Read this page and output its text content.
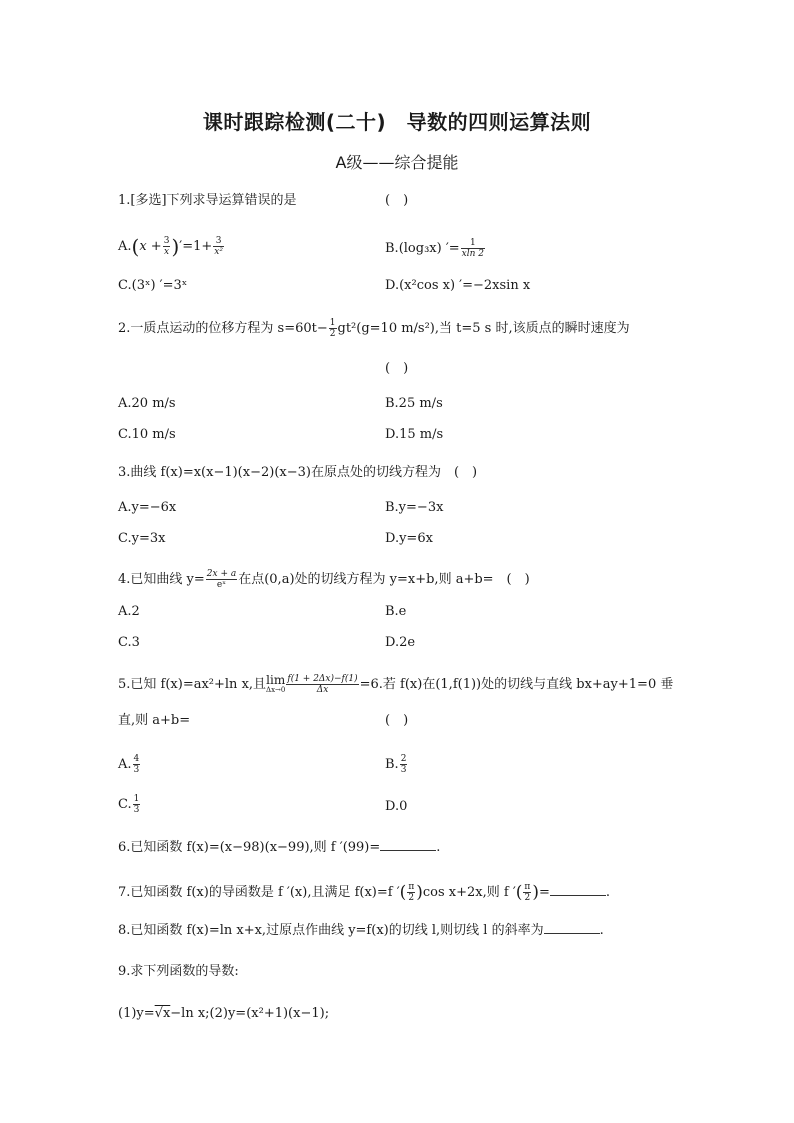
课时跟踪检测(二十)　导数的四则运算法则
A级——综合提能
1.[多选]下列求导运算错误的是	(　)
$A.(x + \frac{3}{x} )'=1+ \frac{3}{\text{x²}}$	B.(log₃x) ′= $\frac{1}{xln 2}$
C.(3ˣ) ′=3ˣ	D.(x²cos x) ′=−2xsin x
2.一质点运动的位移方程为 $s=60t- \frac{1}{2} gt^2(g=10$ m/s²),当 t=5 s 时,该质点的瞬时速度为
(　)
A.20 m/s	B.25 m/s
C.10 m/s	D.15 m/s
3.曲线 f(x)=x(x−1)(x−2)(x−3)在原点处的切线方程为　(　)
A.y=−6x	B.y=−3x
C.y=3x	D.y=6x
4.已知曲线 $y= \frac{2x + a}{\text{eˣ}}$ 在点(0,a)处的切线方程为 y=x+b,则 a+b=　(　)
A.2	B.e
C.3	D.2e
5.已知 f(x)=ax²+ln x,且 lim
$\Delta x\to 0 \frac{f(1 + 2\Delta x)-f(1)}{\Delta x} =6$.若 f(x)在(1,f(1))处的切线与直线 bx+ay+1=0 垂
直,则 a+b=	(　)
A. $\frac{4}{3}$	B. $\frac{2}{3}$
C. $\frac{1}{3}$	D.0
6.已知函数 f(x)=(x−98)(x−99),则 f ′(99)=	.
7.已知函数 f(x)的导函数是 f ′(x),且满足 f(x)=f ′( $\frac{\pi}{2} )\cos$ x+2x,则 f ′( $\frac{\pi}{2}$ )=	.
8.已知函数 f(x)=ln x+x,过原点作曲线 y=f(x)的切线 l,则切线 l 的斜率为	.
9.求下列函数的导数:
(1)y=√x−ln x;(2)y=(x²+1)(x−1);
